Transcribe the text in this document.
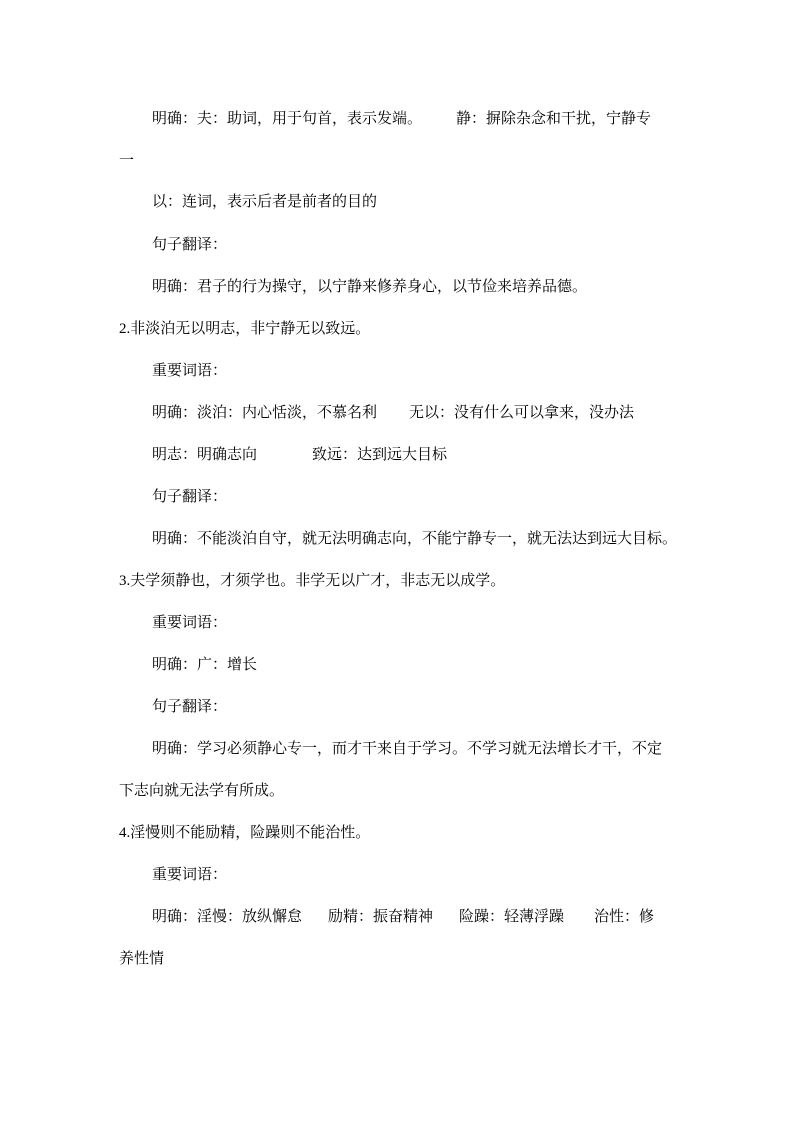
明确：夫：助词，用于句首，表示发端。 静：摒除杂念和干扰，宁静专
一
以：连词，表示后者是前者的目的
句子翻译：
明确：君子的行为操守，以宁静来修养身心，以节俭来培养品德。
2.非淡泊无以明志，非宁静无以致远。
重要词语：
明确：淡泊：内心恬淡，不慕名利 无以：没有什么可以拿来，没办法
明志：明确志向	致远：达到远大目标
句子翻译：
明确：不能淡泊自守，就无法明确志向，不能宁静专一，就无法达到远大目标。
3.夫学须静也，才须学也。非学无以广才，非志无以成学。
重要词语：
明确：广：增长
句子翻译：
明确：学习必须静心专一，而才干来自于学习。不学习就无法增长才干，不定
下志向就无法学有所成。
4.淫慢则不能励精，险躁则不能治性。
重要词语：
明确：淫慢：放纵懈怠 励精：振奋精神 险躁：轻薄浮躁 治性：修
养性情
